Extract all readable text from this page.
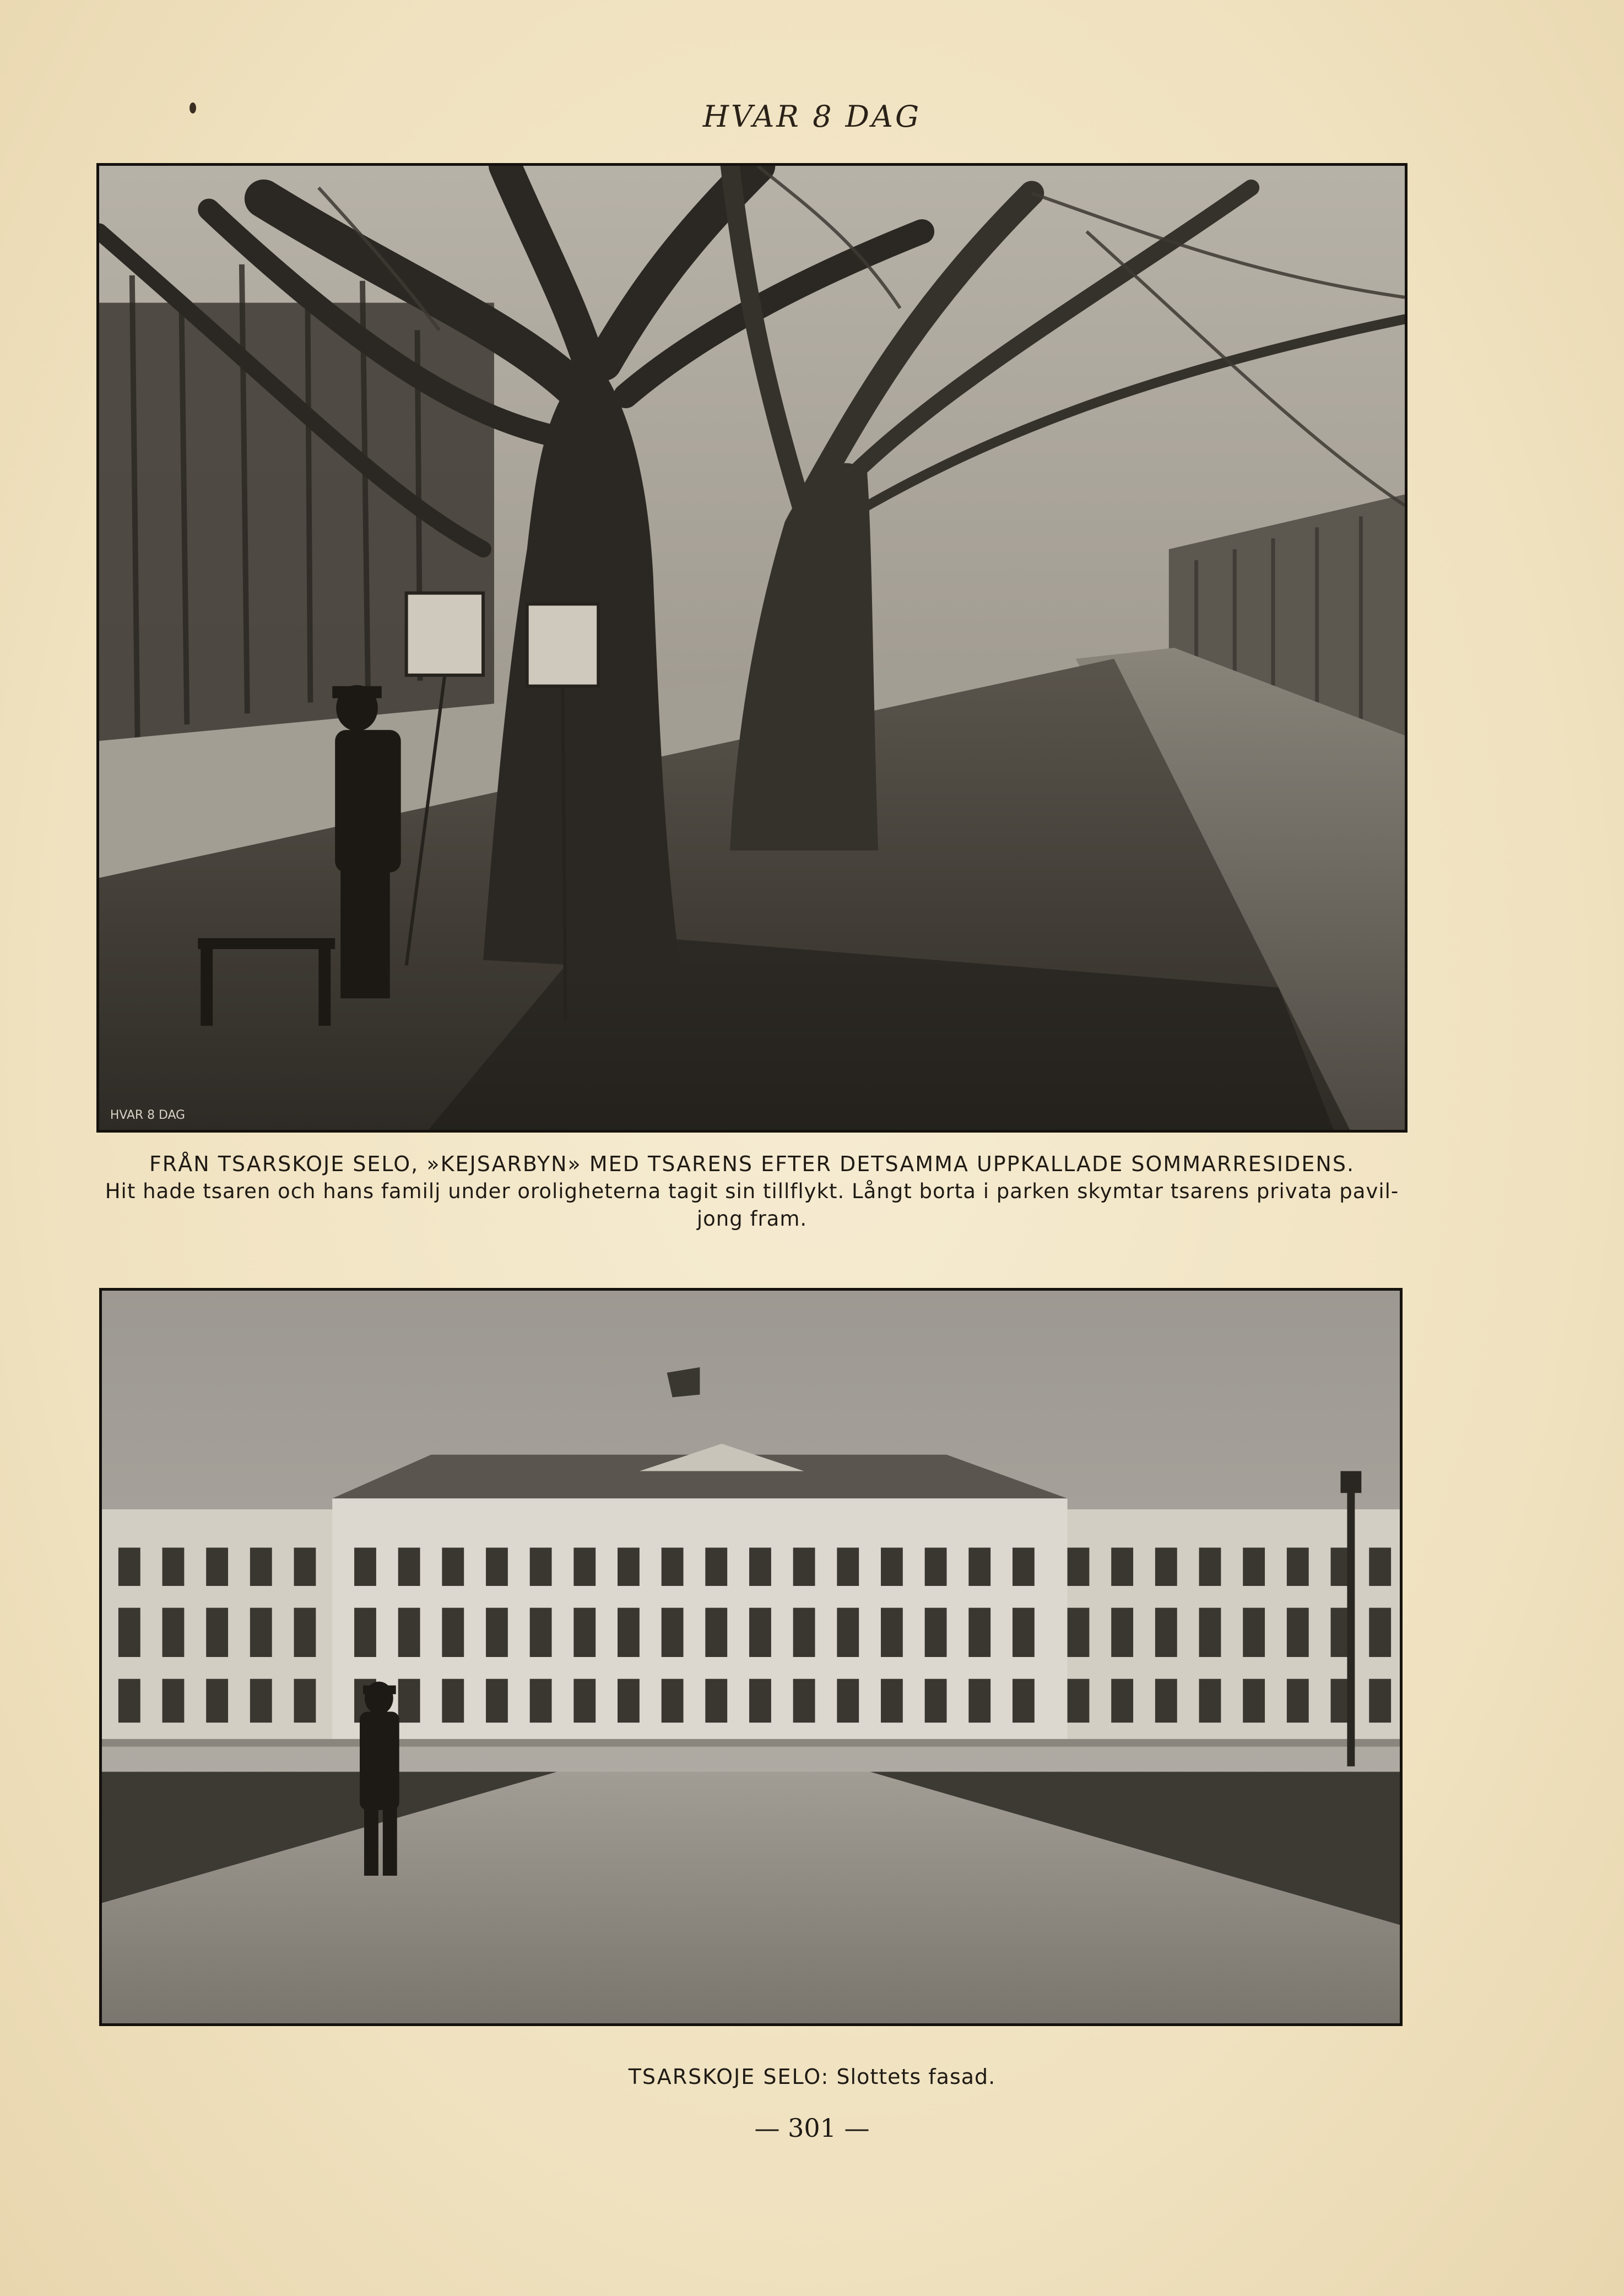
HVAR 8 DAG
HVAR 8 DAG
FRÅN TSARSKOJE SELO, »KEJSARBYN» MED TSARENS EFTER DETSAMMA UPPKALLADE SOMMARRESIDENS.
Hit hade tsaren och hans familj under oroligheterna tagit sin tillflykt. Långt borta i parken skymtar tsarens privata pavil-
jong fram.
TSARSKOJE SELO: Slottets fasad.
— 301 —
